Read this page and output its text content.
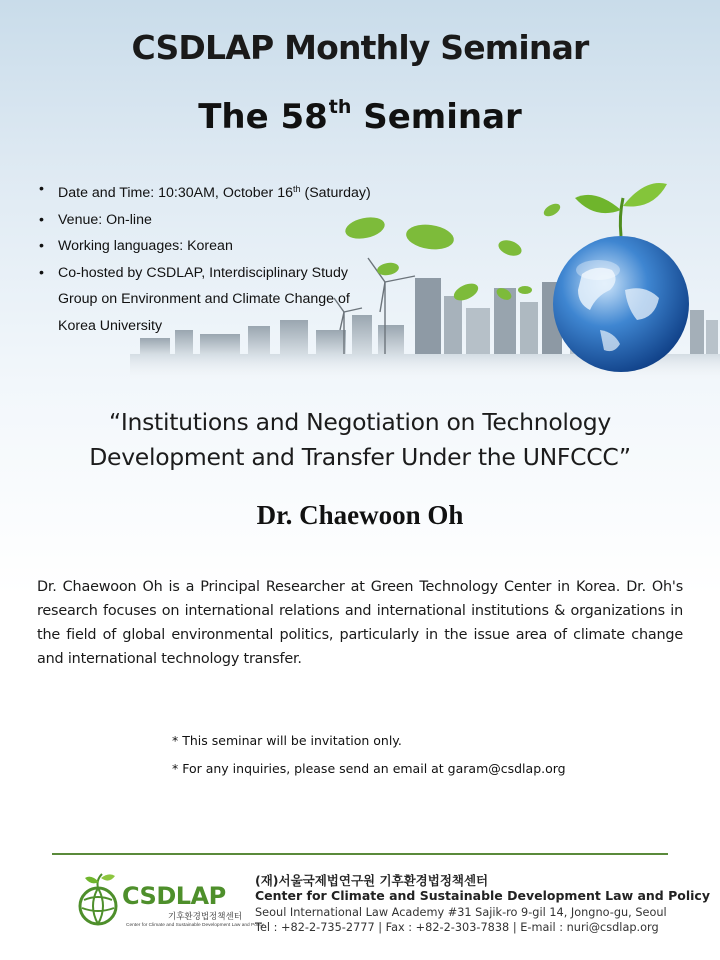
CSDLAP Monthly Seminar
The 58th Seminar
• Date and Time: 10:30AM, October 16th (Saturday)
• Venue: On-line
• Working languages: Korean
• Co-hosted by CSDLAP, Interdisciplinary Study
Group on Environment and Climate Change of
Korea University
“Institutions and Negotiation on Technology
Development and Transfer Under the UNFCCC”
Dr. Chaewoon Oh

Dr. Chaewoon Oh is a Principal Researcher at Green Technology Center in Korea. Dr. Oh's research focuses on international relations and international institutions & organizations in the field of global environmental politics, particularly in the issue area of climate change and international technology transfer.

* This seminar will be invitation only.
* For any inquiries, please send an email at garam@csdlap.org
CSDLAP
기후환경법정책센터
Center for Climate and Sustainable Development Law and Policy
(재)서울국제법연구원 기후환경법정책센터
Center for Climate and Sustainable Development Law and Policy
Seoul International Law Academy #31 Sajik-ro 9-gil 14, Jongno-gu, Seoul
Tel : +82-2-735-2777 | Fax : +82-2-303-7838 | E-mail : nuri@csdlap.org
